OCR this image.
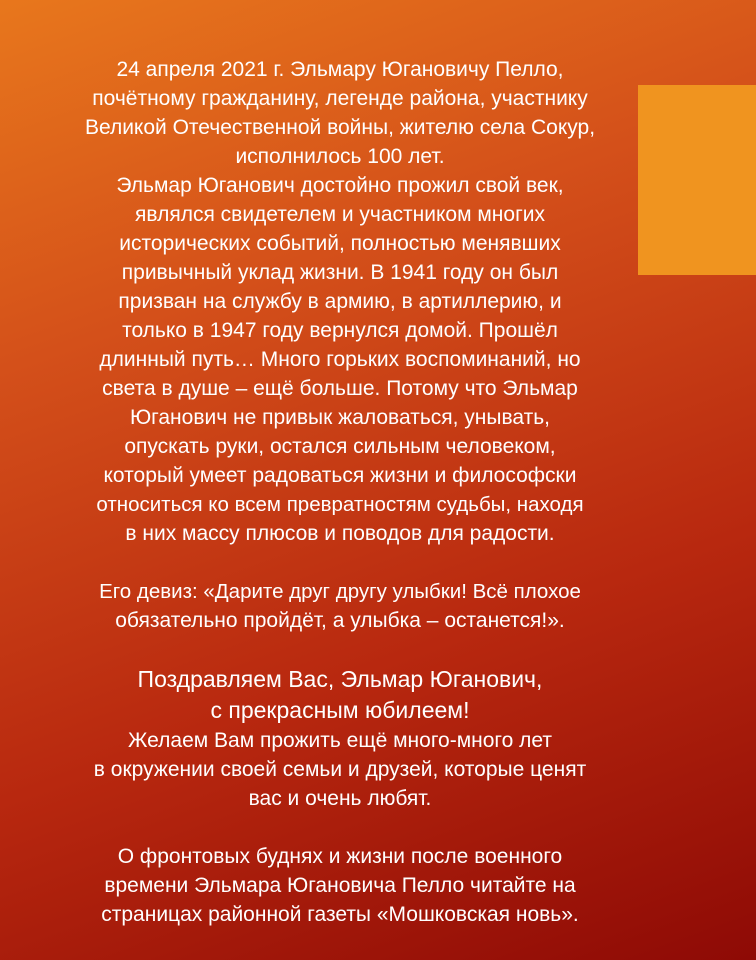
24 апреля 2021 г. Эльмару Югановичу Пелло,
почётному гражданину, легенде района, участнику
Великой Отечественной войны, жителю села Сокур,
исполнилось 100 лет.
Эльмар Юганович достойно прожил свой век,
являлся свидетелем и участником многих
исторических событий, полностью менявших
привычный уклад жизни. В 1941 году он был
призван на службу в армию, в артиллерию, и
только в 1947 году вернулся домой. Прошёл
длинный путь… Много горьких воспоминаний, но
света в душе – ещё больше. Потому что Эльмар
Юганович не привык жаловаться, унывать,
опускать руки, остался сильным человеком,
который умеет радоваться жизни и философски
относиться ко всем превратностям судьбы, находя
в них массу плюсов и поводов для радости.
Его девиз: «Дарите друг другу улыбки! Всё плохое
обязательно пройдёт, а улыбка – останется!».
Поздравляем Вас, Эльмар Юганович,
с прекрасным юбилеем!
Желаем Вам прожить ещё много-много лет
в окружении своей семьи и друзей, которые ценят
вас и очень любят.
О фронтовых буднях и жизни после военного
времени Эльмара Югановича Пелло читайте на
страницах районной газеты «Мошковская новь».
